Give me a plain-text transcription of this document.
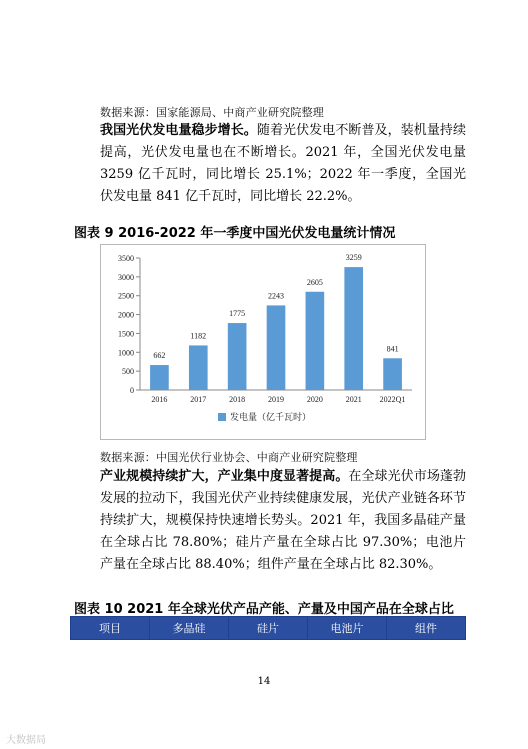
数据来源：国家能源局、中商产业研究院整理
我国光伏发电量稳步增长。随着光伏发电不断普及，装机量持续提高，光伏发电量也在不断增长。2021 年，全国光伏发电量 3259 亿千瓦时，同比增长 25.1%；2022 年一季度，全国光伏发电量 841 亿千瓦时，同比增长 22.2%。
图表 9 2016-2022 年一季度中国光伏发电量统计情况
0
500
1000
1500
2000
2500
3000
3500
662
2016
1182
2017
1775
2018
2243
2019
2605
2020
3259
2021
841
2022Q1
发电量（亿千瓦时）
数据来源：中国光伏行业协会、中商产业研究院整理
产业规模持续扩大，产业集中度显著提高。在全球光伏市场蓬勃发展的拉动下，我国光伏产业持续健康发展，光伏产业链各环节持续扩大，规模保持快速增长势头。2021 年，我国多晶硅产量在全球占比 78.80%；硅片产量在全球占比 97.30%；电池片产量在全球占比 88.40%；组件产量在全球占比 82.30%。
图表 10 2021 年全球光伏产品产能、产量及中国产品在全球占比
项目	多晶硅	硅片	电池片	组件
14
大数据局
